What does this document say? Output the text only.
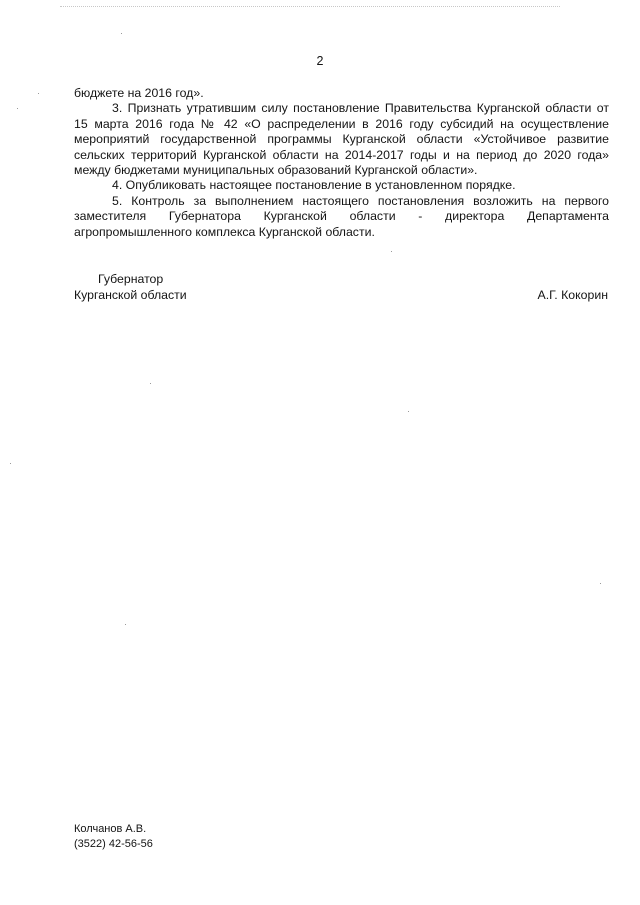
2

бюджете на 2016 год».

3. Признать утратившим силу постановление Правительства Курганской области от 15 марта 2016 года № 42 «О распределении в 2016 году субсидий на осуществление мероприятий государственной программы Курганской области «Устойчивое развитие сельских территорий Курганской области на 2014-2017 годы и на период до 2020 года» между бюджетами муниципальных образований Курганской области».

4. Опубликовать настоящее постановление в установленном порядке.

5. Контроль за выполнением настоящего постановления возложить на первого заместителя Губернатора Курганской области - директора Департамента агропромышленного комплекса Курганской области.

Губернатор
Курганской области	А.Г. Кокорин
Колчанов А.В.
(3522) 42-56-56
